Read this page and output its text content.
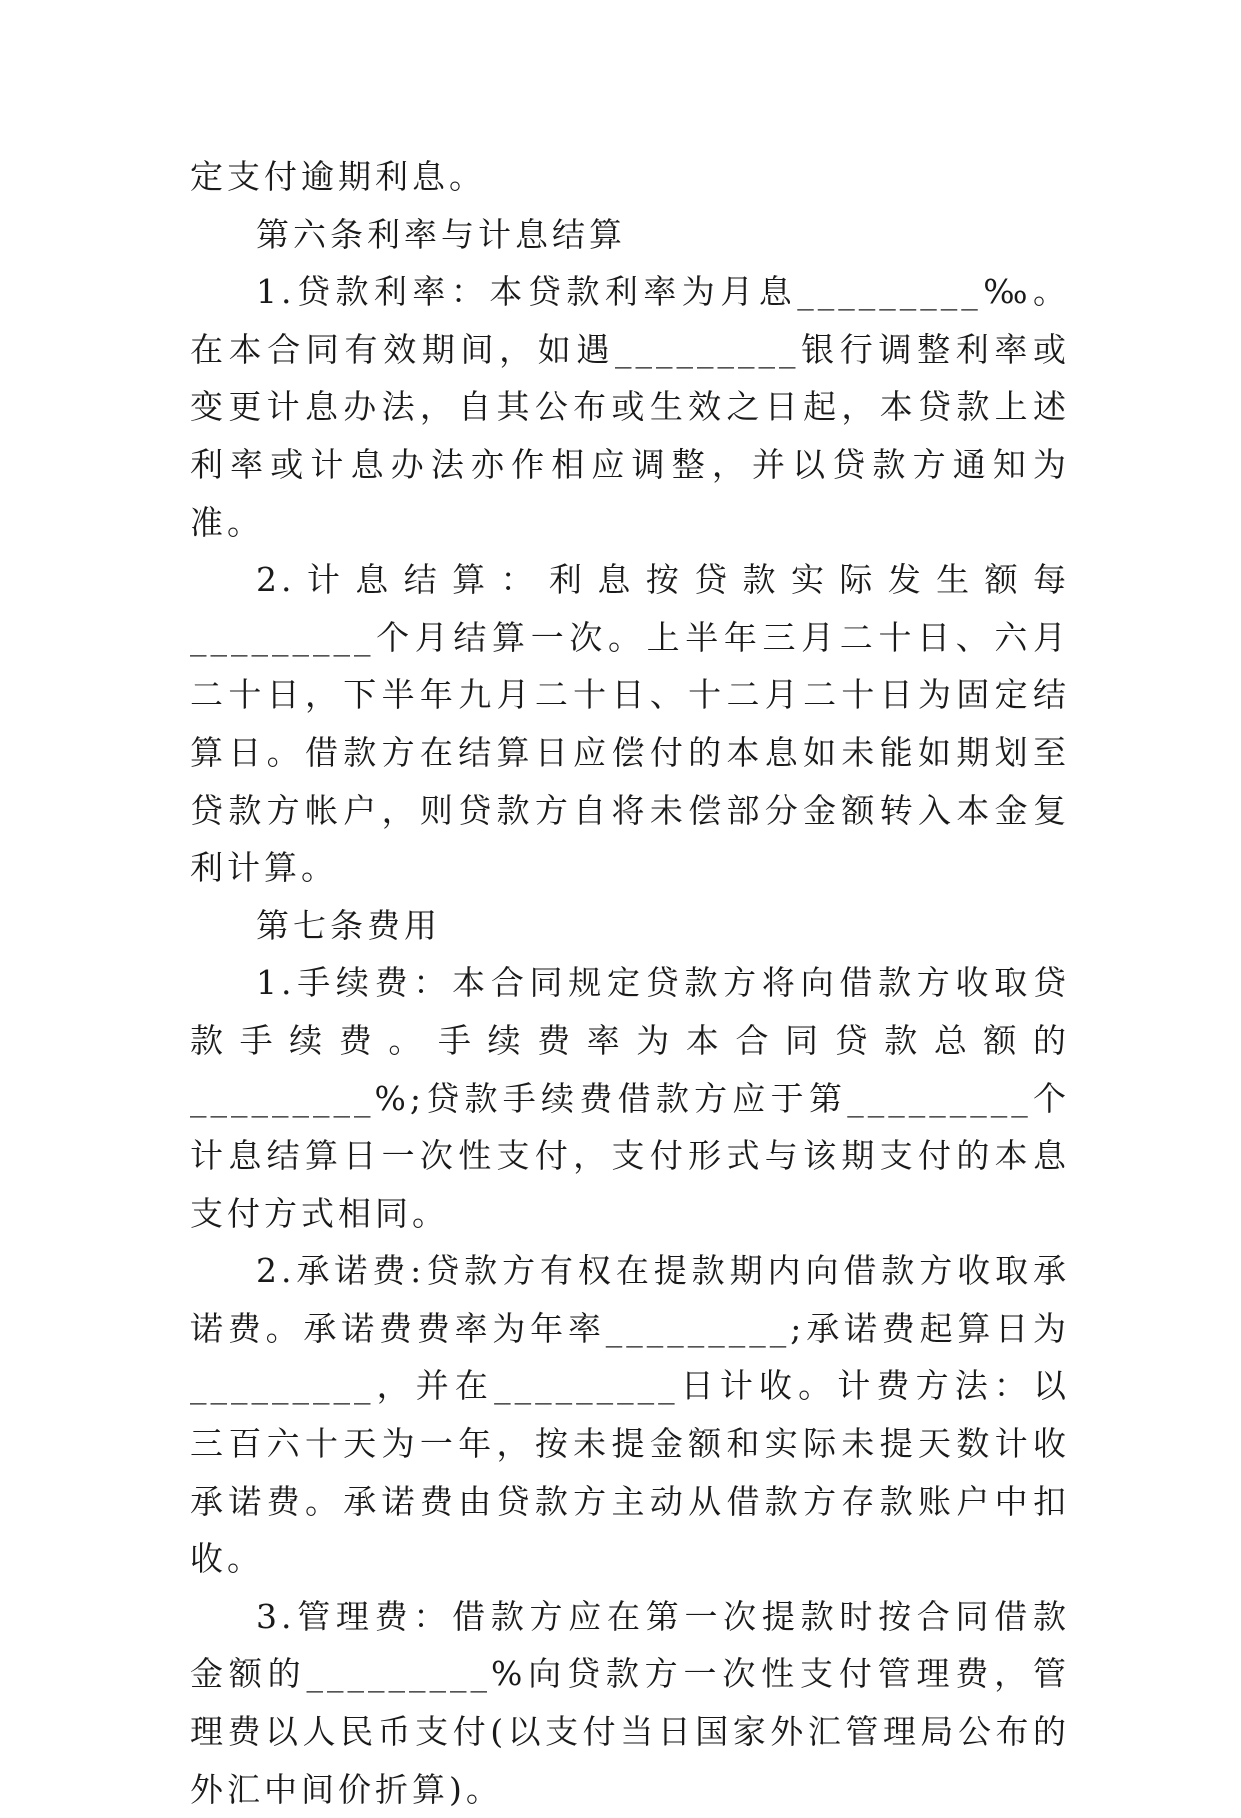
定支付逾期利息。

第六条利率与计息结算

1.贷款利率：本贷款利率为月息_________‰。在本合同有效期间，如遇_________银行调整利率或变更计息办法，自其公布或生效之日起，本贷款上述利率或计息办法亦作相应调整，并以贷款方通知为准。

2.计息结算：利息按贷款实际发生额每_________个月结算一次。上半年三月二十日、六月二十日，下半年九月二十日、十二月二十日为固定结算日。借款方在结算日应偿付的本息如未能如期划至贷款方帐户，则贷款方自将未偿部分金额转入本金复利计算。

第七条费用

1.手续费：本合同规定贷款方将向借款方收取贷款手续费。手续费率为本合同贷款总额的_________%;贷款手续费借款方应于第_________个计息结算日一次性支付，支付形式与该期支付的本息支付方式相同。

2.承诺费:贷款方有权在提款期内向借款方收取承诺费。承诺费费率为年率_________;承诺费起算日为_________，并在_________日计收。计费方法：以三百六十天为一年，按未提金额和实际未提天数计收承诺费。承诺费由贷款方主动从借款方存款账户中扣收。

3.管理费：借款方应在第一次提款时按合同借款金额的_________%向贷款方一次性支付管理费，管理费以人民币支付(以支付当日国家外汇管理局公布的外汇中间价折算)。
